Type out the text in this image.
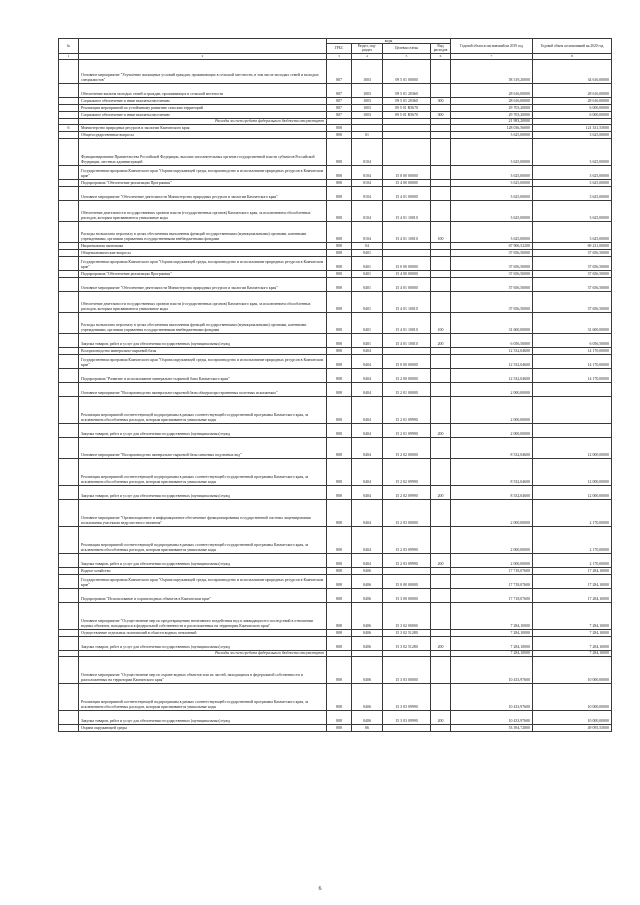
№		коды				Годовой объем ассигнований на 2019 год	Годовой объем ассигнований на 2020 год
		ГРБС	Раздел, под-раздел	Целевая статья	Вид расходов		
1	2	3	4	5	6	7	8
	Основное мероприятие "Улучшение жилищных условий граждан, проживающих в сельской местности, в том числе молодых семей и молодых специалистов"	807	1003	09 5 01 00000		58 319,20000	34 616,00000
	Обеспечение жильем молодых семей и граждан, проживающих в сельской местности	807	1003	09 5 01 20360		28 616,00000	28 616,00000
	Социальное обеспечение и иные выплаты населению	807	1003	09 5 01 20360	300	28 616,00000	28 616,00000
	Реализация мероприятий по устойчивому развитию сельских территорий	807	1003	09 5 01 R5670		29 703,20000	6 000,00000
	Социальное обеспечение и иные выплаты населению	807	1003	09 5 01 R5670	300	29 703,20000	6 000,00000
	Расходы за счет средств федерального бюджета отсутствуют					21 983,20000	
6	Министерство природных ресурсов и экологии Камчатского края	808				128 036,56000	121 331,55000
	Общегосударственные вопросы	808	01			3 625,00000	3 625,00000
	Функционирование Правительства Российской Федерации, высших исполнительных органов государственной власти субъектов Российской Федерации, местных администраций	808	0104			3 625,00000	3 625,00000
	Государственная программа Камчатского края "Охрана окружающей среды, воспроизводство и использование природных ресурсов в Камчатском крае"	808	0104	15 0 00 00000		3 625,00000	3 625,00000
	Подпрограмма "Обеспечение реализации Программы"	808	0104	15 4 00 00000		3 625,00000	3 625,00000
	Основное мероприятие "Обеспечение деятельности Министерства природных ресурсов и экологии Камчатского края"	808	0104	15 4 01 00000		3 625,00000	3 625,00000
	Обеспечение деятельности государственных органов власти (государственных органов) Камчатского края, за исключением обособленных расходов, которым присваиваются уникальные коды	808	0104	15 4 01 10010		3 625,00000	3 625,00000
	Расходы на выплаты персоналу в целях обеспечения выполнения функций государственными (муниципальными) органами, казенными учреждениями, органами управления государственными внебюджетными фондами	808	0104	15 4 01 10010	100	3 625,00000	3 625,00000
	Национальная экономика	808	04			67 906,52200	69 231,00000
	Общеэкономические вопросы	808	0401			37 656,50000	37 656,50000
	Государственная программа Камчатского края "Охрана окружающей среды, воспроизводство и использование природных ресурсов в Камчатском крае"	808	0401	15 0 00 00000		37 656,50000	37 656,50000
	Подпрограмма "Обеспечение реализации Программы"	808	0401	15 4 00 00000		37 656,50000	37 656,50000
	Основное мероприятие "Обеспечение деятельности Министерства природных ресурсов и экологии Камчатского края"	808	0401	15 4 01 00000		37 656,50000	37 656,50000
	Обеспечение деятельности государственных органов власти (государственных органов) Камчатского края, за исключением обособленных расходов, которым присваиваются уникальные коды	808	0401	15 4 01 10010		37 656,50000	37 656,50000
	Расходы на выплаты персоналу в целях обеспечения выполнения функций государственными (муниципальными) органами, казенными учреждениями, органами управления государственными внебюджетными фондами	808	0401	15 4 01 10010	100	31 600,00000	31 600,00000
	Закупка товаров, работ и услуг для обеспечения государственных (муниципальных) нужд	808	0401	15 4 01 10010	200	6 056,50000	6 056,50000
	Воспроизводство минерально-сырьевой базы	808	0404			12 532,04600	14 170,00000
	Государственная программа Камчатского края "Охрана окружающей среды, воспроизводство и использование природных ресурсов в Камчатском крае"	808	0404	15 0 00 00000		12 532,04600	14 170,00000
	Подпрограмма "Развитие и использование минерально-сырьевой базы Камчатского края"	808	0404	15 2 00 00000		12 532,04600	14 170,00000
	Основное мероприятие "Воспроизводство минерально-сырьевой базы общераспространенных полезных ископаемых"	808	0404	15 2 01 00000		2 000,00000	
	Реализация мероприятий соответствующей подпрограммы в рамках соответствующей государственной программы Камчатского края, за исключением обособленных расходов, которым присваиваются уникальные коды	808	0404	15 2 01 09990		2 000,00000	
	Закупка товаров, работ и услуг для обеспечения государственных (муниципальных) нужд	808	0404	15 2 01 09990	200	2 000,00000	
	Основное мероприятие "Воспроизводство минерально-сырьевой базы питьевых подземных вод"	808	0404	15 2 02 00000		8 532,04600	12 000,00000
	Реализация мероприятий соответствующей подпрограммы в рамках соответствующей государственной программы Камчатского края, за исключением обособленных расходов, которым присваиваются уникальные коды	808	0404	15 2 02 09990		8 532,04600	12 000,00000
	Закупка товаров, работ и услуг для обеспечения государственных (муниципальных) нужд	808	0404	15 2 02 09990	200	8 532,04600	12 000,00000
	Основное мероприятие "Организационное и информационное обеспечение функционирования государственной системы лицензирования пользования участками недр местного значения"	808	0404	15 2 03 00000		2 000,00000	2 170,00000
	Реализация мероприятий соответствующей подпрограммы в рамках соответствующей государственной программы Камчатского края, за исключением обособленных расходов, которым присваиваются уникальные коды	808	0404	15 2 03 09990		2 000,00000	2 170,00000
	Закупка товаров, работ и услуг для обеспечения государственных (муниципальных) нужд	808	0404	15 2 03 09990	200	2 000,00000	2 170,00000
	Водное хозяйство	808	0406			17 718,07600	17 284,10000
	Государственная программа Камчатского края "Охрана окружающей среды, воспроизводство и использование природных ресурсов в Камчатском крае"	808	0406	15 0 00 00000		17 718,07600	17 284,10000
	Подпрограмма "Использование и охрана водных объектов в Камчатском крае"	808	0406	15 3 00 00000		17 718,07600	17 284,10000
	Основное мероприятие "Осуществление мер по предотвращению негативного воздействия вод и ликвидации его последствий в отношении водных объектов, находящихся в федеральной собственности и расположенных на территории Камчатского края"	808	0406	15 3 02 00000		7 284,10000	7 284,10000
	Осуществление отдельных полномочий в области водных отношений	808	0406	15 3 02 51280		7 284,10000	7 284,10000
	Закупка товаров, работ и услуг для обеспечения государственных (муниципальных) нужд	808	0406	15 3 02 51280	200	7 284,10000	7 284,10000
	Расходы за счет средств федерального бюджета отсутствуют					7 284,10000	7 284,10000
	Основное мероприятие "Осуществление мер по охране водных объектов или их частей, находящихся в федеральной собственности и расположенных на территории Камчатского края"	808	0406	15 3 03 00000		10 433,97600	10 000,00000
	Реализация мероприятий соответствующей подпрограммы в рамках соответствующей государственной программы Камчатского края, за исключением обособленных расходов, которым присваиваются уникальные коды	808	0406	15 3 03 09990		10 433,97600	10 000,00000
	Закупка товаров, работ и услуг для обеспечения государственных (муниципальных) нужд	808	0406	15 3 03 09990	200	10 433,97600	10 000,00000
	Охрана окружающей среды	808	06			53 394,72800	49 095,55000
6
